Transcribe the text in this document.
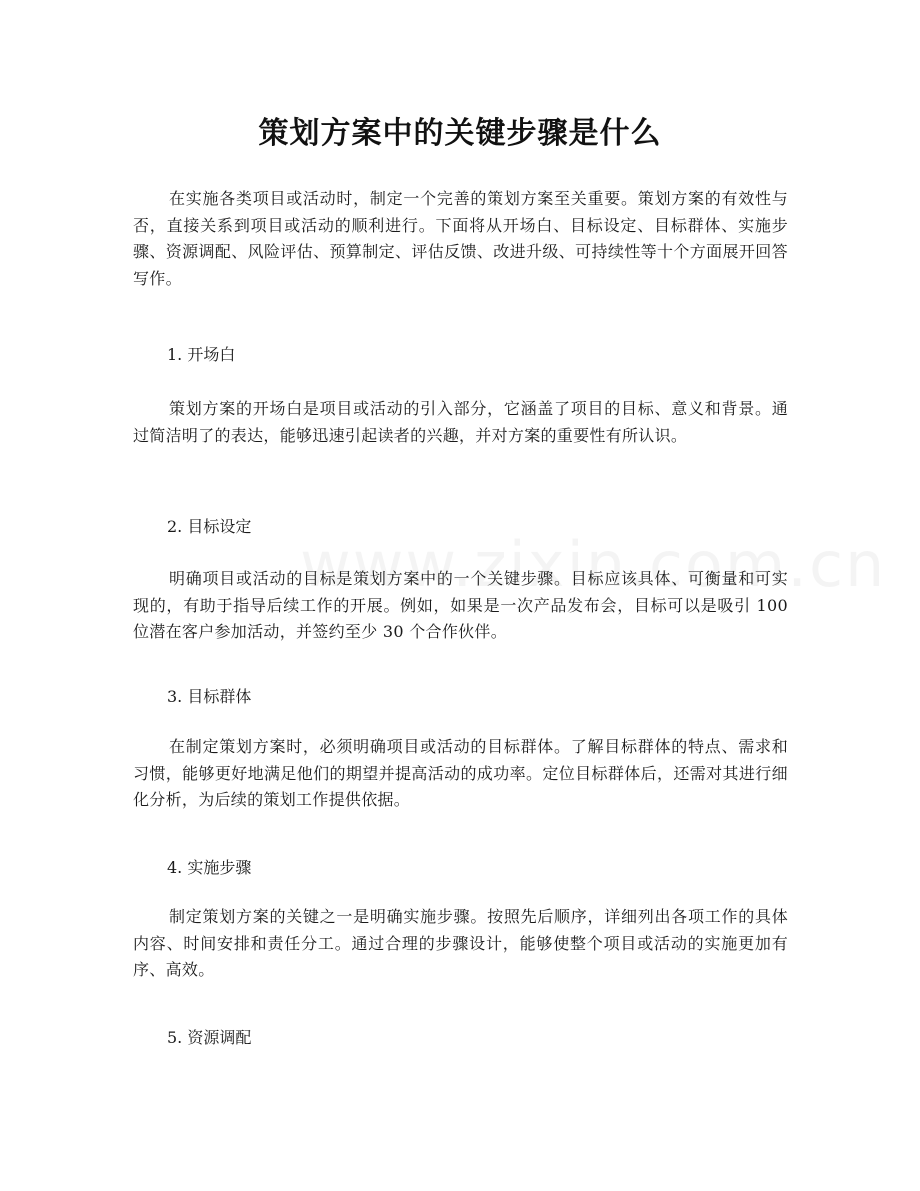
策划方案中的关键步骤是什么

在实施各类项目或活动时，制定一个完善的策划方案至关重要。策划方案的有效性与否，直接关系到项目或活动的顺利进行。下面将从开场白、目标设定、目标群体、实施步骤、资源调配、风险评估、预算制定、评估反馈、改进升级、可持续性等十个方面展开回答写作。

1. 开场白

策划方案的开场白是项目或活动的引入部分，它涵盖了项目的目标、意义和背景。通过简洁明了的表达，能够迅速引起读者的兴趣，并对方案的重要性有所认识。

2. 目标设定

明确项目或活动的目标是策划方案中的一个关键步骤。目标应该具体、可衡量和可实现的，有助于指导后续工作的开展。例如，如果是一次产品发布会，目标可以是吸引 100 位潜在客户参加活动，并签约至少 30 个合作伙伴。

3. 目标群体

在制定策划方案时，必须明确项目或活动的目标群体。了解目标群体的特点、需求和习惯，能够更好地满足他们的期望并提高活动的成功率。定位目标群体后，还需对其进行细化分析，为后续的策划工作提供依据。

4. 实施步骤

制定策划方案的关键之一是明确实施步骤。按照先后顺序，详细列出各项工作的具体内容、时间安排和责任分工。通过合理的步骤设计，能够使整个项目或活动的实施更加有序、高效。

5. 资源调配
